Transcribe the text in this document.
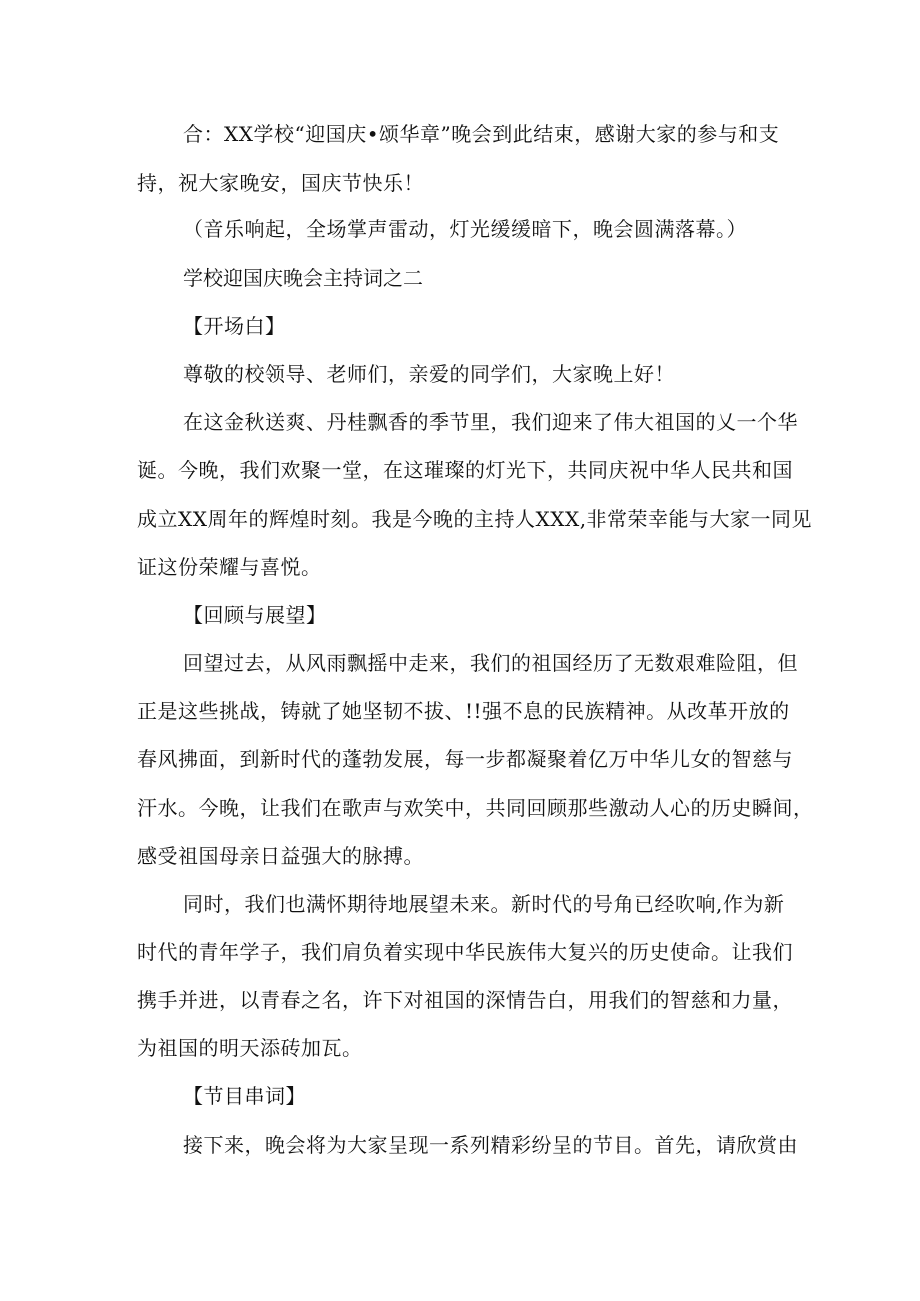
合：XX学校“迎国庆•颂华章”晚会到此结束，感谢大家的参与和支
持，祝大家晚安，国庆节快乐！
（音乐响起，全场掌声雷动，灯光缓缓暗下，晚会圆满落幕。）
学校迎国庆晚会主持词之二
【开场白】
尊敬的校领导、老师们，亲爱的同学们，大家晚上好！
在这金秋送爽、丹桂飘香的季节里，我们迎来了伟大祖国的乂一个华
诞。今晚，我们欢聚一堂，在这璀璨的灯光下，共同庆祝中华人民共和国
成立XX周年的辉煌时刻。我是今晚的主持人XXX,非常荣幸能与大家一同见
证这份荣耀与喜悦。
【回顾与展望】
回望过去，从风雨飘摇中走来，我们的祖国经历了无数艰难险阻，但
正是这些挑战，铸就了她坚韧不拔、!!强不息的民族精神。从改革开放的
春风拂面，到新时代的蓬勃发展，每一步都凝聚着亿万中华儿女的智慈与
汗水。今晚，让我们在歌声与欢笑中，共同回顾那些激动人心的历史瞬间，
感受祖国母亲日益强大的脉搏。
同时，我们也满怀期待地展望未来。新时代的号角已经吹响,作为新
时代的青年学子，我们肩负着实现中华民族伟大复兴的历史使命。让我们
携手并进，以青春之名，许下对祖国的深情告白，用我们的智慈和力量，
为祖国的明天添砖加瓦。
【节目串词】
接下来，晚会将为大家呈现一系列精彩纷呈的节目。首先，请欣赏由
